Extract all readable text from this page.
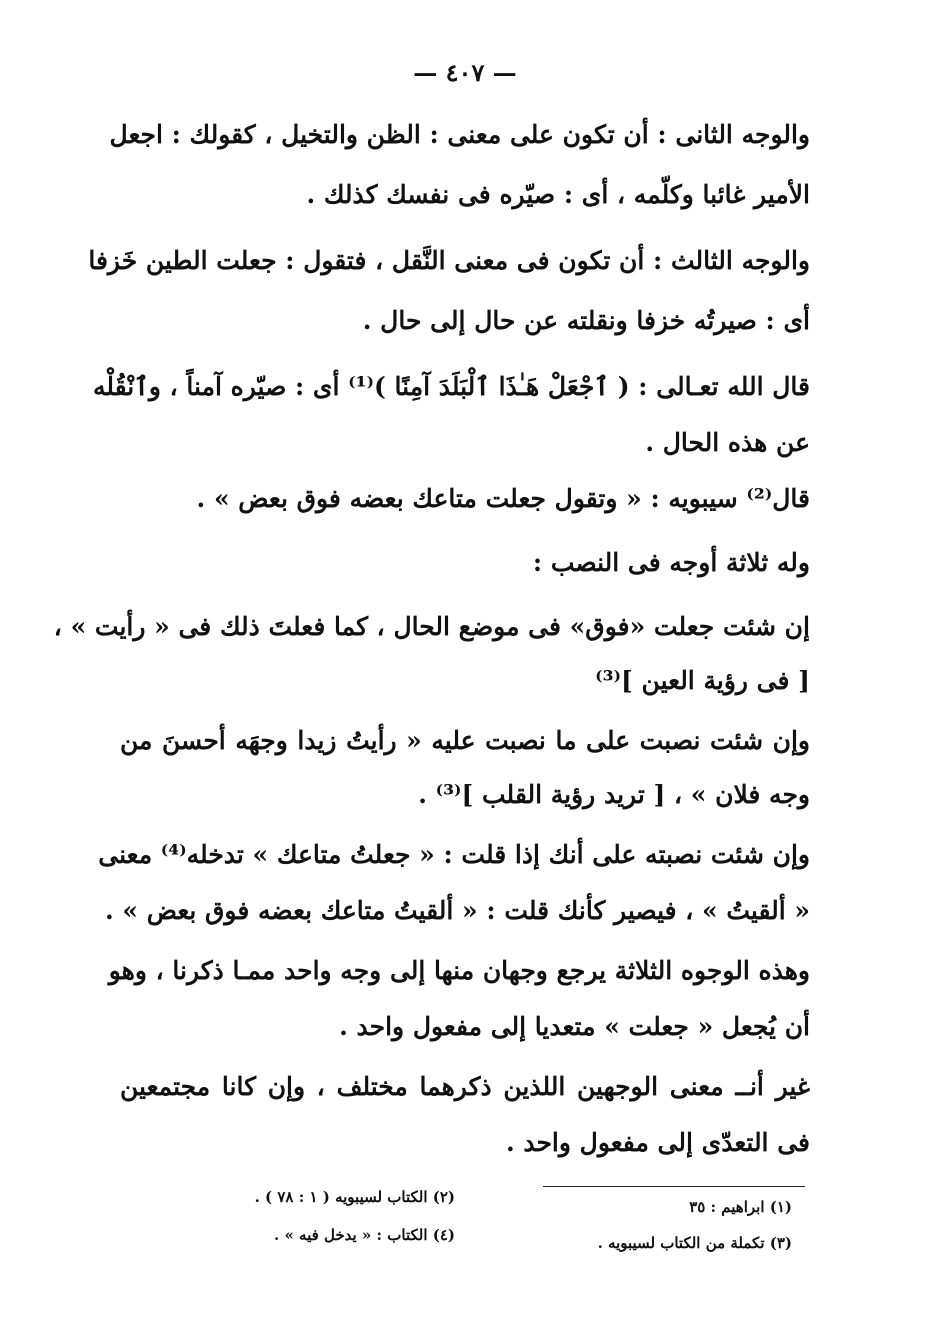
— ٤٠٧ —
والوجه الثانى : أن تكون على معنى : الظن والتخيل ، كقولك : اجعل
الأمير غائبا وكلّمه ، أى : صيّره فى نفسك كذلك .
والوجه الثالث : أن تكون فى معنى النَّقل ، فتقول : جعلت الطين خَزفا
أى : صيرتُه خزفا ونقلته عن حال إلى حال .
قال الله تعـالى : ( ٱجْعَلْ هَـٰذَا ٱلْبَلَدَ آمِنًا )⁽¹⁾ أى : صيّره آمناً ، وٱنْقُلْه
عن هذه الحال .
قال⁽²⁾ سيبويه : « وتقول جعلت متاعك بعضه فوق بعض » .
وله ثلاثة أوجه فى النصب :
إن شئت جعلت «فوق» فى موضع الحال ، كما فعلتَ ذلك فى « رأيت » ،
[ فى رؤية العين ]⁽³⁾
وإن شئت نصبت على ما نصبت عليه « رأيتُ زيدا وجهَه أحسنَ من
وجه فلان » ، [ تريد رؤية القلب ]⁽³⁾ .
وإن شئت نصبته على أنك إذا قلت : « جعلتُ متاعك » تدخله⁽⁴⁾ معنى
« ألقيتُ » ، فيصير كأنك قلت : « ألقيتُ متاعك بعضه فوق بعض » .
وهذه الوجوه الثلاثة يرجع وجهان منها إلى وجه واحد ممـا ذكرنا ، وهو
أن يُجعل « جعلت » متعديا إلى مفعول واحد .
غير أنــ معنى الوجهين اللذين ذكرهما مختلف ، وإن كانا مجتمعين
فى التعدّى إلى مفعول واحد .
(١) ابراهيم : ٣٥
(٣) تكملة من الكتاب لسيبويه .
(٢) الكتاب لسيبويه ( ١ : ٧٨ ) .
(٤) الكتاب : « يدخل فيه » .
